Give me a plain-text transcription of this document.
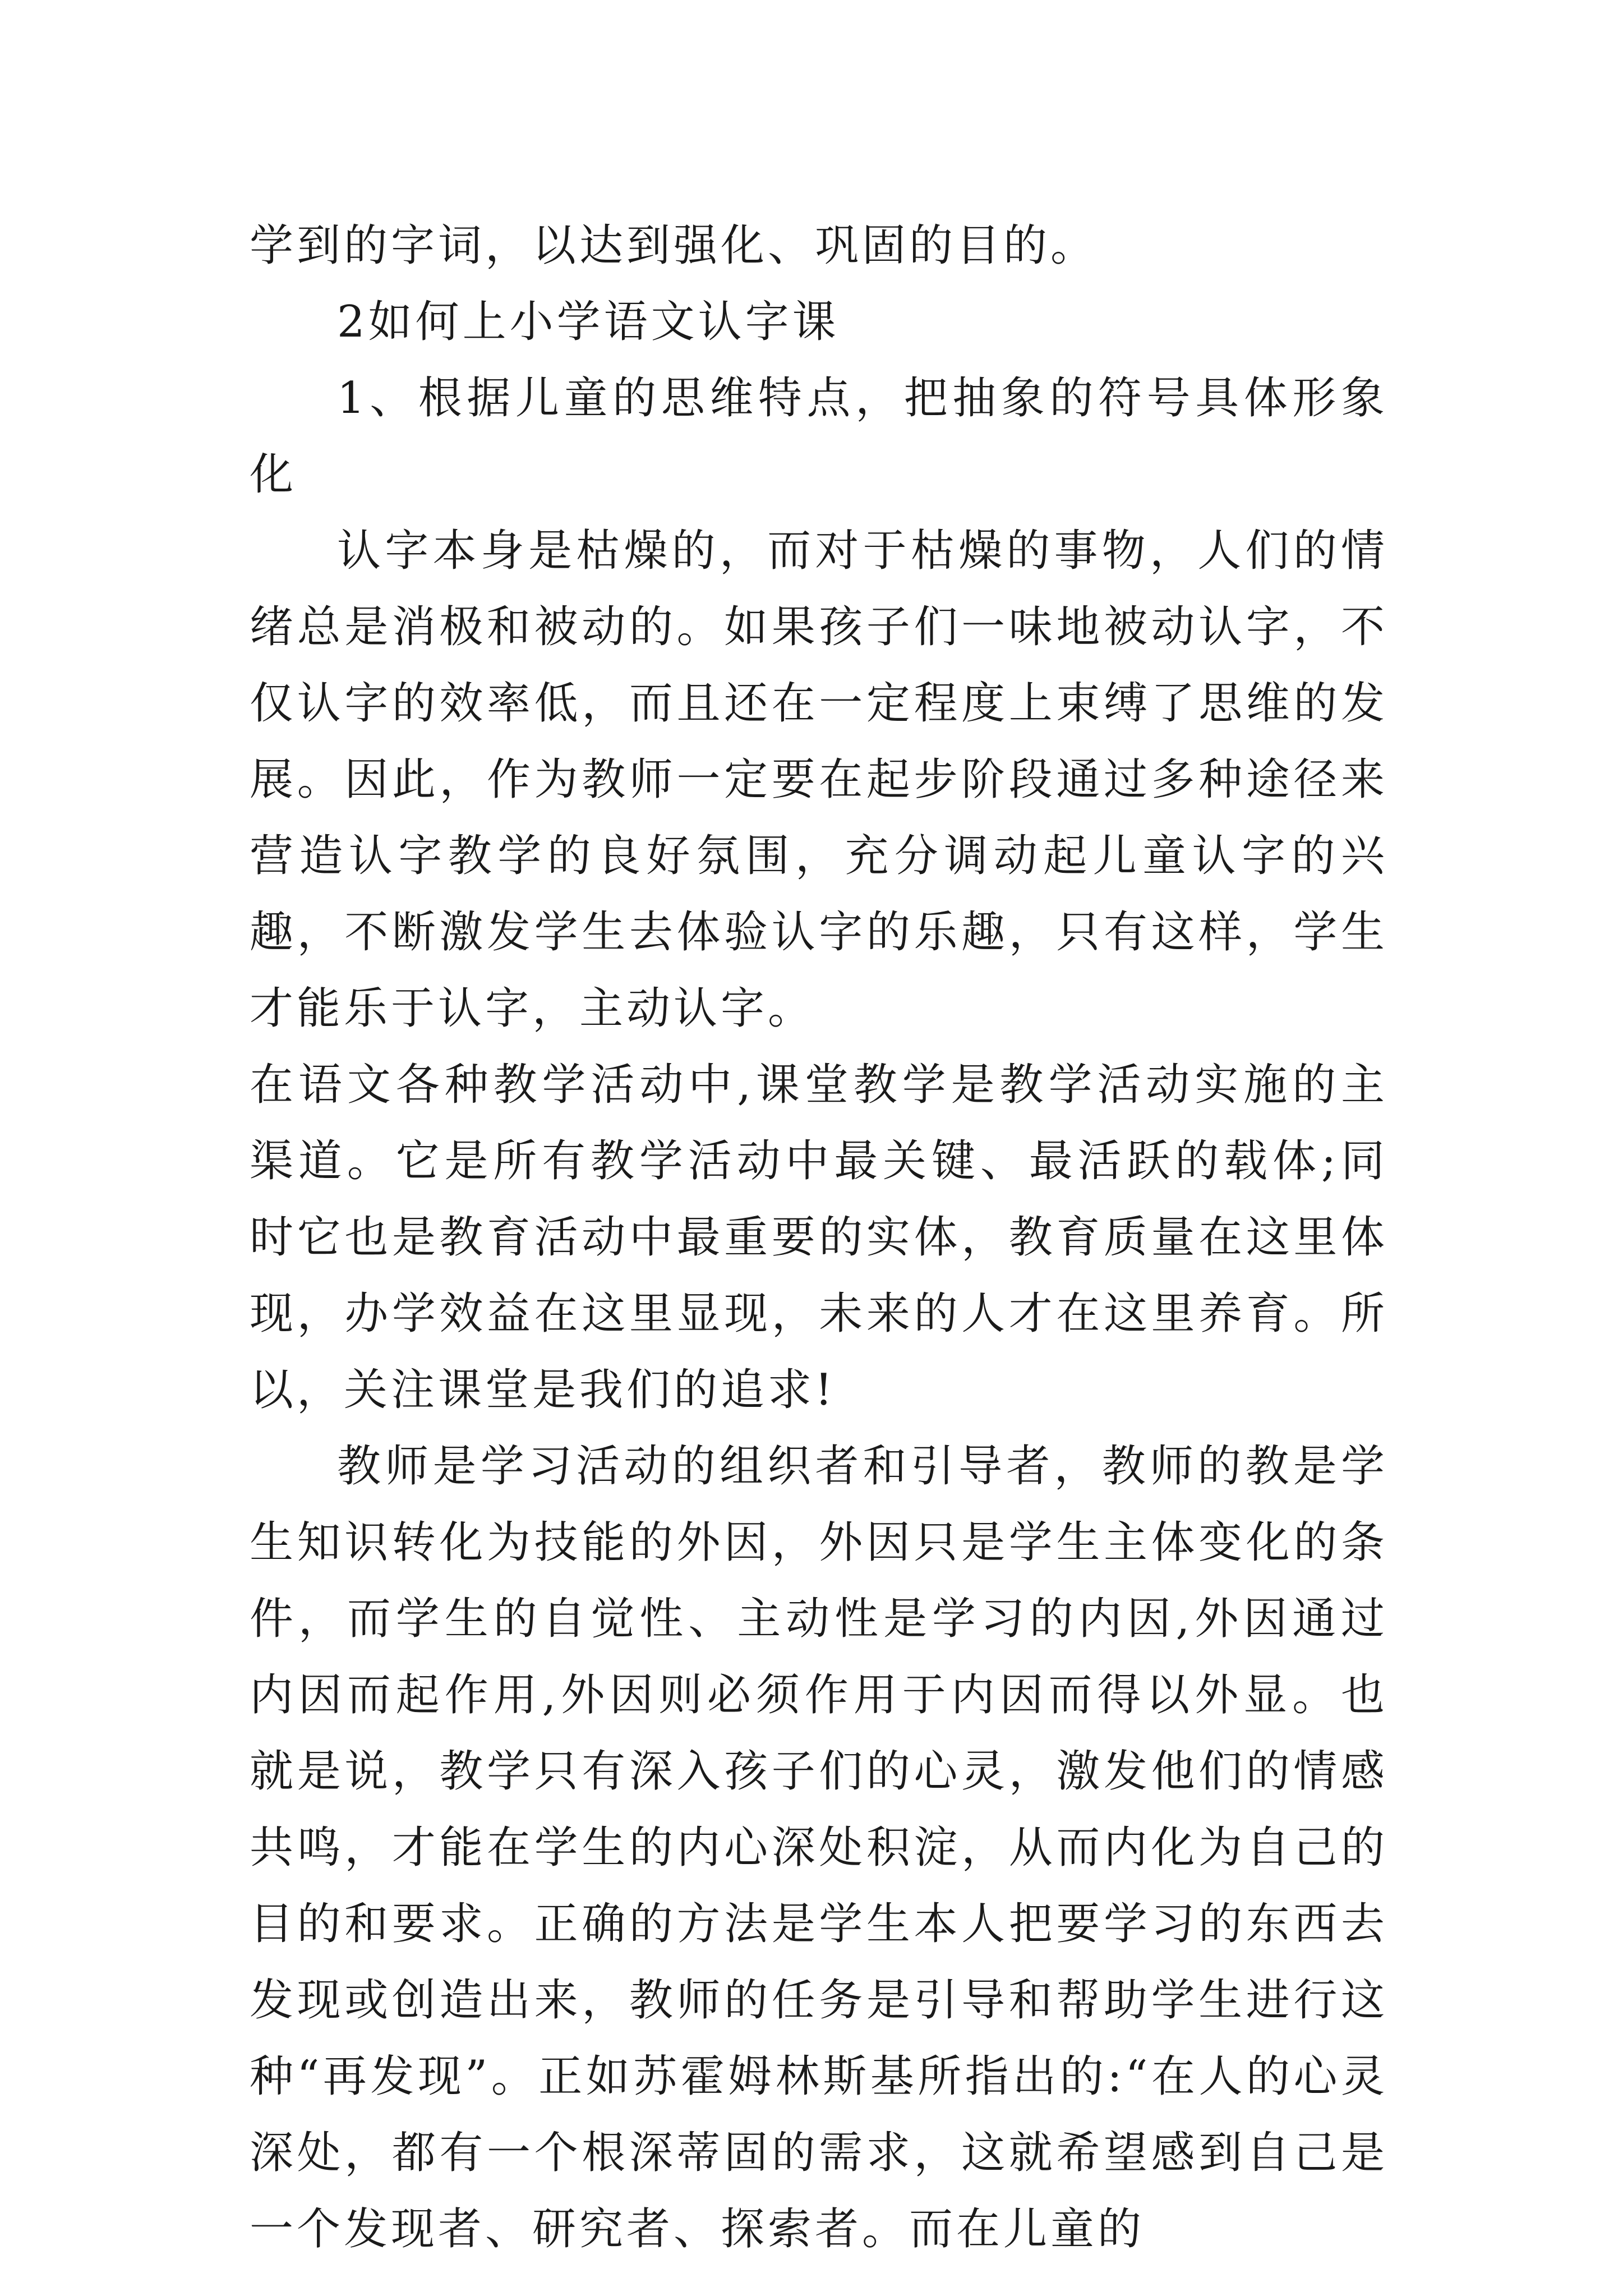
学到的字词，以达到强化、巩固的目的。

2如何上小学语文认字课

1、根据儿童的思维特点，把抽象的符号具体形象化

认字本身是枯燥的，而对于枯燥的事物，人们的情绪总是消极和被动的。如果孩子们一味地被动认字，不仅认字的效率低，而且还在一定程度上束缚了思维的发展。因此，作为教师一定要在起步阶段通过多种途径来营造认字教学的良好氛围，充分调动起儿童认字的兴趣，不断激发学生去体验认字的乐趣，只有这样，学生才能乐于认字，主动认字。

在语文各种教学活动中,课堂教学是教学活动实施的主渠道。它是所有教学活动中最关键、最活跃的载体;同时它也是教育活动中最重要的实体，教育质量在这里体现，办学效益在这里显现，未来的人才在这里养育。所以，关注课堂是我们的追求!

教师是学习活动的组织者和引导者，教师的教是学生知识转化为技能的外因，外因只是学生主体变化的条件，而学生的自觉性、主动性是学习的内因,外因通过内因而起作用,外因则必须作用于内因而得以外显。也就是说，教学只有深入孩子们的心灵，激发他们的情感共鸣，才能在学生的内心深处积淀，从而内化为自己的目的和要求。正确的方法是学生本人把要学习的东西去发现或创造出来，教师的任务是引导和帮助学生进行这种“再发现”。正如苏霍姆林斯基所指出的:“在人的心灵深处，都有一个根深蒂固的需求，这就希望感到自己是一个发现者、研究者、探索者。而在儿童的
